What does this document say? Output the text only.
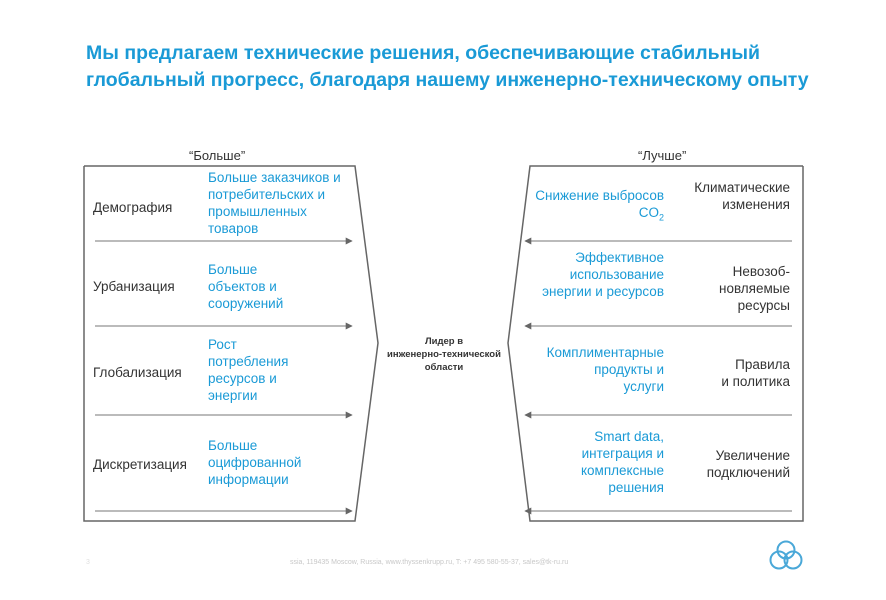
Мы предлагаем технические решения, обеспечивающие стабильный
глобальный прогресс, благодаря нашему инженерно-техническому опыту
“Больше”	“Лучше”
Демография
Больше заказчиков и
потребительских и
промышленных
товаров
Урбанизация
Больше
объектов и
сооружений
Глобализация
Рост
потребления
ресурсов и
энергии
Дискретизация
Больше
оцифрованной
информации
Лидер в
инженерно-технической
области
Снижение выбросов
$CO_2$
Климатические
изменения
Эффективное
использование
энергии и ресурсов
Невозоб-
новляемые
ресурсы
Комплиментарные
продукты и
услуги
Правила
и политика
Smart data,
интеграция и
комплексные
решения
Увеличение
подключений
3	ssia, 119435 Moscow, Russia, www.thyssenkrupp.ru, T: +7 495 580-55-37, sales@tk-ru.ru
